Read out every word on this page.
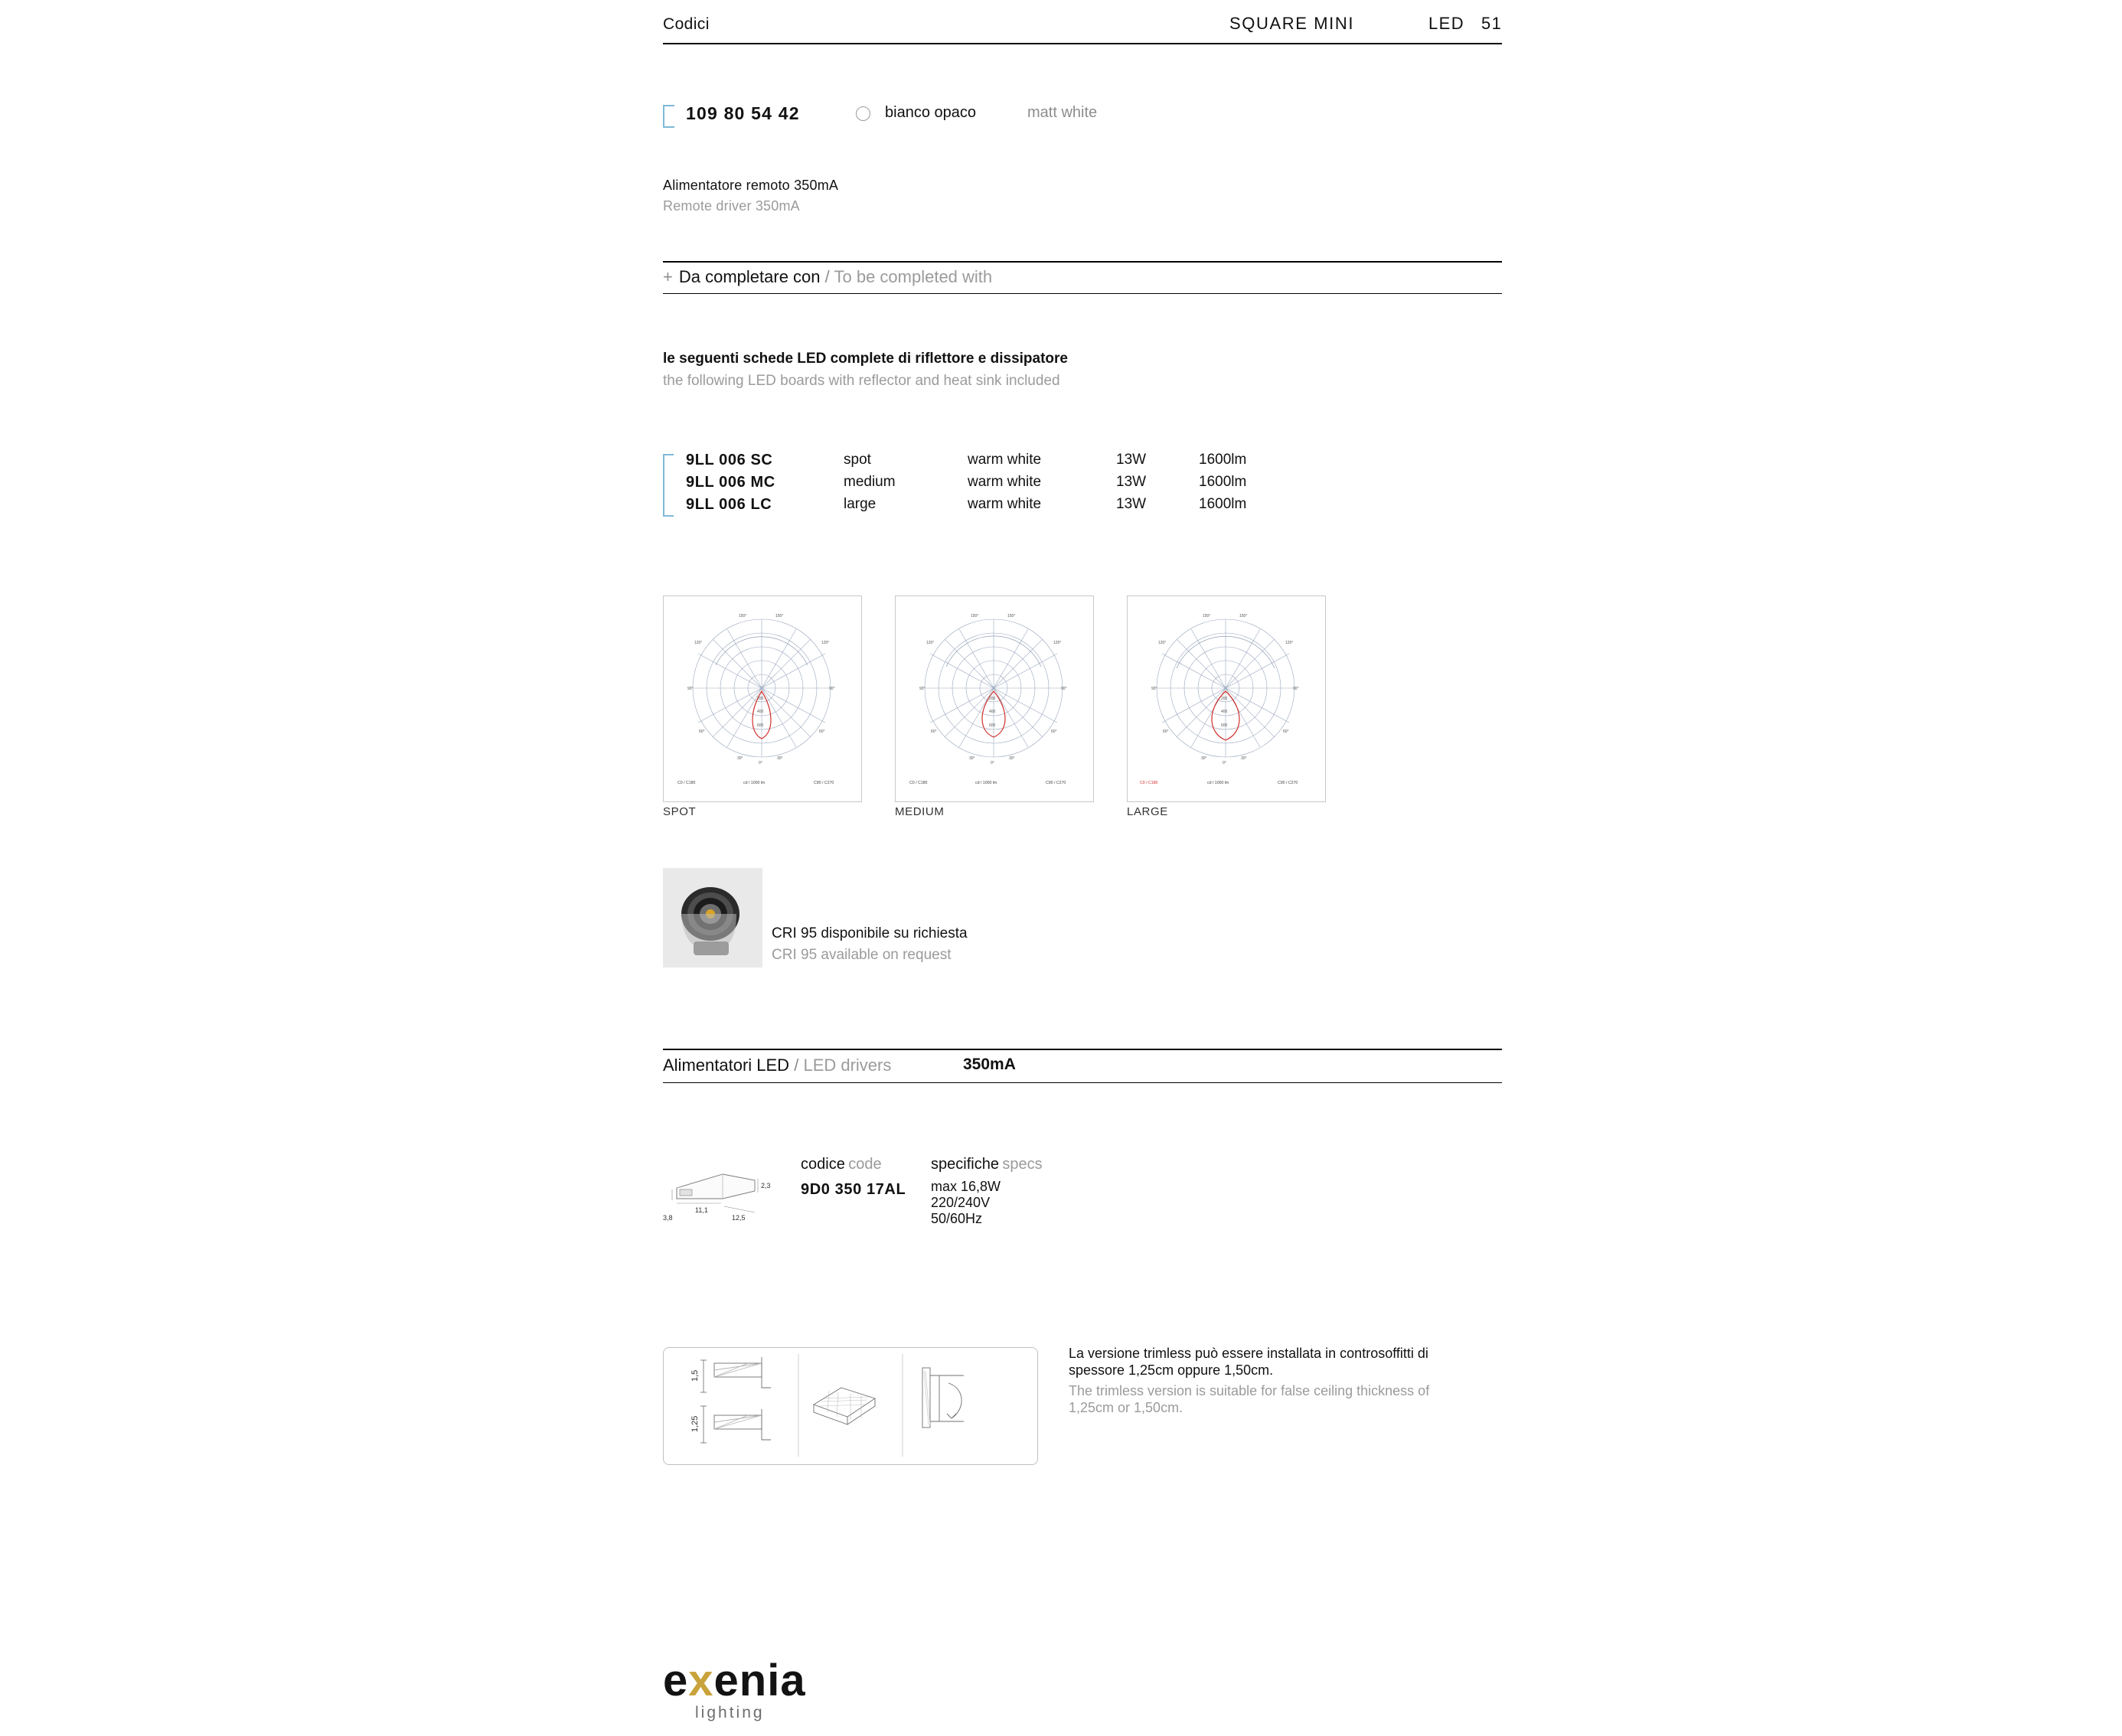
Codici	SQUARE MINI	LED 51
109 80 54 42	bianco opaco	matt white
Alimentatore remoto 350mA
Remote driver 350mA
+ Da completare con / To be completed with
le seguenti schede LED complete di riflettore e dissipatore
the following LED boards with reflector and heat sink included
9LL 006 SC	spot	warm white	13W	1600lm
9LL 006 MC	medium	warm white	13W	1600lm
9LL 006 LC	large	warm white	13W	1600lm
150°	150°
120°	120°
90°	90°
60°	60°
30°	30°
0°
200
400
600
C0 / C180	cd / 1000 lm	C90 / C270
150°	150°
120°	120°
90°	90°
60°	60°
30°	30°
0°
200
400
600
C0 / C180	cd / 1000 lm	C90 / C270
150°	150°
120°	120°
90°	90°
60°	60°
30°	30°
0°
200
400
600
C0 / C180	cd / 1000 lm	C90 / C270
SPOT	MEDIUM	LARGE
CRI 95 disponibile su richiesta
CRI 95 available on request
Alimentatori LED / LED drivers	350mA
2,3
11,1
3,8	12,5
codice code
9D0 350 17AL
specifiche specs
max 16,8W
220/240V
50/60Hz
1,5
1,25
La versione trimless può essere installata in controsoffitti di spessore 1,25cm oppure 1,50cm.
The trimless version is suitable for false ceiling thickness of 1,25cm or 1,50cm.
exenia
lighting
